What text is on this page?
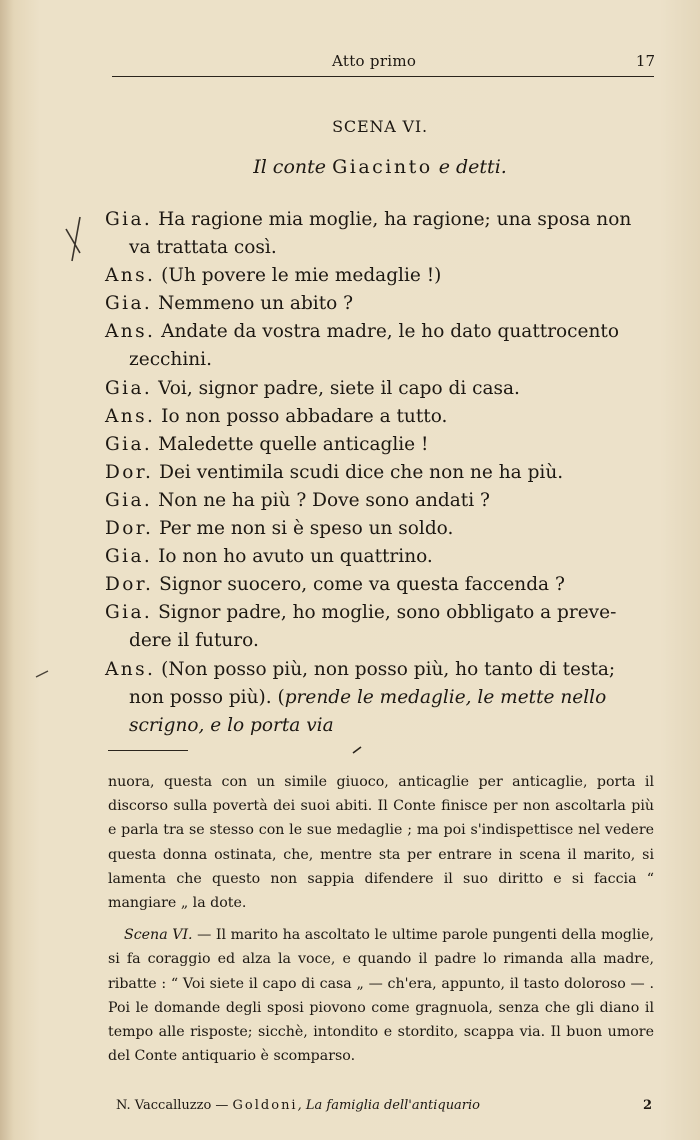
Atto primo	17
SCENA VI.
Il conte Giacinto e detti.
Gia. Ha ragione mia moglie, ha ragione; una sposa non
va trattata così.
Ans. (Uh povere le mie medaglie !)
Gia. Nemmeno un abito ?
Ans. Andate da vostra madre, le ho dato quattrocento
zecchini.
Gia. Voi, signor padre, siete il capo di casa.
Ans. Io non posso abbadare a tutto.
Gia. Maledette quelle anticaglie !
Dor. Dei ventimila scudi dice che non ne ha più.
Gia. Non ne ha più ? Dove sono andati ?
Dor. Per me non si è speso un soldo.
Gia. Io non ho avuto un quattrino.
Dor. Signor suocero, come va questa faccenda ?
Gia. Signor padre, ho moglie, sono obbligato a preve-
dere il futuro.
Ans. (Non posso più, non posso più, ho tanto di testa;
non posso più). (prende le medaglie, le mette nello
scrigno, e lo porta via

nuora, questa con un simile giuoco, anticaglie per anticaglie, porta il discorso sulla povertà dei suoi abiti. Il Conte finisce per non ascoltarla più e parla tra se stesso con le sue medaglie ; ma poi s'indispettisce nel vedere questa donna ostinata, che, mentre sta per entrare in scena il marito, si lamenta che questo non sappia difendere il suo diritto e si faccia “ mangiare „ la dote.

Scena VI. — Il marito ha ascoltato le ultime parole pungenti della moglie, si fa coraggio ed alza la voce, e quando il padre lo rimanda alla madre, ribatte : “ Voi siete il capo di casa „ — ch'era, appunto, il tasto doloroso — . Poi le domande degli sposi piovono come gragnuola, senza che gli diano il tempo alle risposte; sicchè, intondito e stordito, scappa via. Il buon umore del Conte antiquario è scomparso.

N. Vaccalluzzo — Goldoni, La famiglia dell'antiquario	2
